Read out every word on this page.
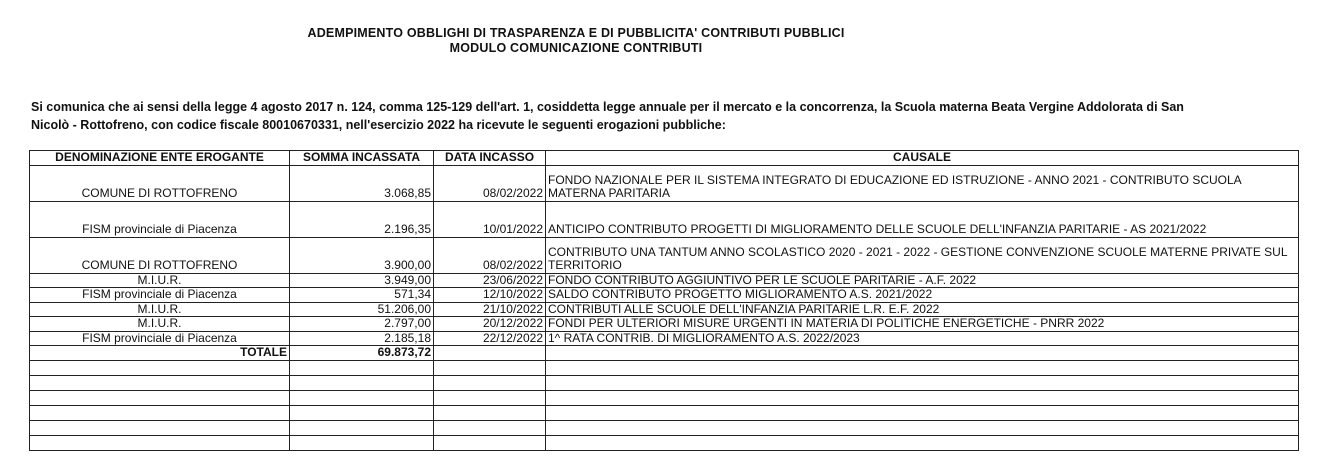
ADEMPIMENTO OBBLIGHI DI TRASPARENZA E DI PUBBLICITA' CONTRIBUTI PUBBLICI
MODULO COMUNICAZIONE CONTRIBUTI
Si comunica che ai sensi della legge 4 agosto 2017 n. 124, comma 125-129 dell'art. 1, cosiddetta legge annuale per il mercato e la concorrenza, la Scuola materna Beata Vergine Addolorata di San
Nicolò - Rottofreno, con codice fiscale 80010670331, nell'esercizio 2022 ha ricevute le seguenti erogazioni pubbliche:
DENOMINAZIONE ENTE EROGANTE	SOMMA INCASSATA	DATA INCASSO	CAUSALE
COMUNE DI ROTTOFRENO	3.068,85	08/02/2022	FONDO NAZIONALE PER IL SISTEMA INTEGRATO DI EDUCAZIONE ED ISTRUZIONE - ANNO 2021 - CONTRIBUTO SCUOLA MATERNA PARITARIA
FISM provinciale di Piacenza	2.196,35	10/01/2022	ANTICIPO CONTRIBUTO PROGETTI DI MIGLIORAMENTO DELLE SCUOLE DELL'INFANZIA PARITARIE - AS 2021/2022
COMUNE DI ROTTOFRENO	3.900,00	08/02/2022	CONTRIBUTO UNA TANTUM ANNO SCOLASTICO 2020 - 2021 - 2022 - GESTIONE CONVENZIONE SCUOLE MATERNE PRIVATE SUL TERRITORIO
M.I.U.R.	3.949,00	23/06/2022	FONDO CONTRIBUTO AGGIUNTIVO PER LE SCUOLE PARITARIE - A.F. 2022
FISM provinciale di Piacenza	571,34	12/10/2022	SALDO CONTRIBUTO PROGETTO MIGLIORAMENTO A.S. 2021/2022
M.I.U.R.	51.206,00	21/10/2022	CONTRIBUTI ALLE SCUOLE DELL'INFANZIA PARITARIE L.R. E.F. 2022
M.I.U.R.	2.797,00	20/12/2022	FONDI PER ULTERIORI MISURE URGENTI IN MATERIA DI POLITICHE ENERGETICHE - PNRR 2022
FISM provinciale di Piacenza	2.185,18	22/12/2022	1^ RATA CONTRIB. DI MIGLIORAMENTO A.S. 2022/2023
TOTALE	69.873,72		
